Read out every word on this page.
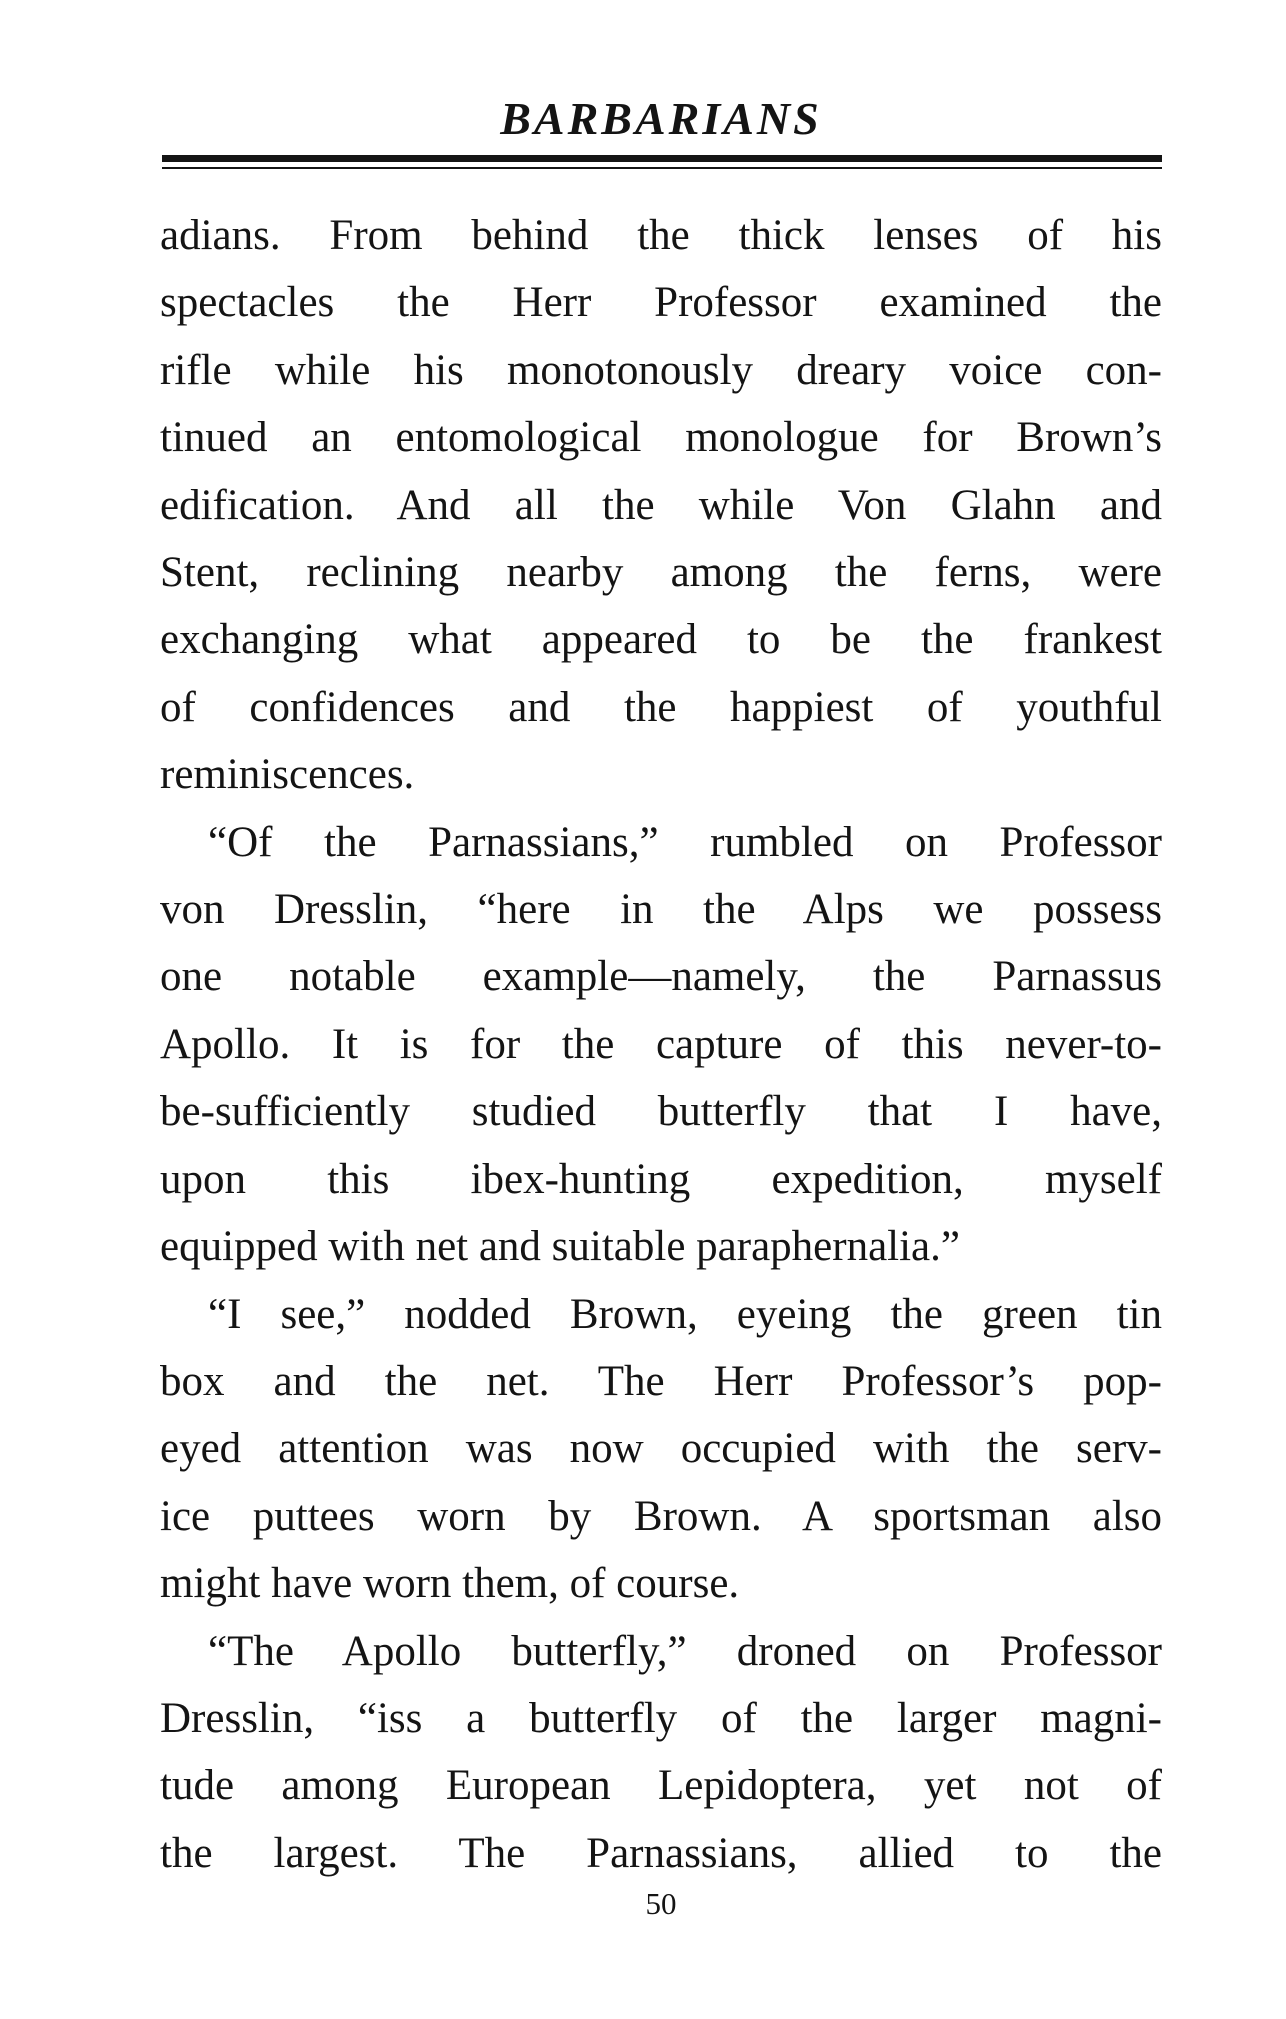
BARBARIANS
adians. From behind the thick lenses of his
spectacles the Herr Professor examined the
rifle while his monotonously dreary voice con-
tinued an entomological monologue for Brown’s
edification. And all the while Von Glahn and
Stent, reclining nearby among the ferns, were
exchanging what appeared to be the frankest
of confidences and the happiest of youthful
reminiscences.
“Of the Parnassians,” rumbled on Professor
von Dresslin, “here in the Alps we possess
one notable example—namely, the Parnassus
Apollo. It is for the capture of this never-to-
be-sufficiently studied butterfly that I have,
upon this ibex-hunting expedition, myself
equipped with net and suitable paraphernalia.”
“I see,” nodded Brown, eyeing the green tin
box and the net. The Herr Professor’s pop-
eyed attention was now occupied with the serv-
ice puttees worn by Brown. A sportsman also
might have worn them, of course.
“The Apollo butterfly,” droned on Professor
Dresslin, “iss a butterfly of the larger magni-
tude among European Lepidoptera, yet not of
the largest. The Parnassians, allied to the
50
